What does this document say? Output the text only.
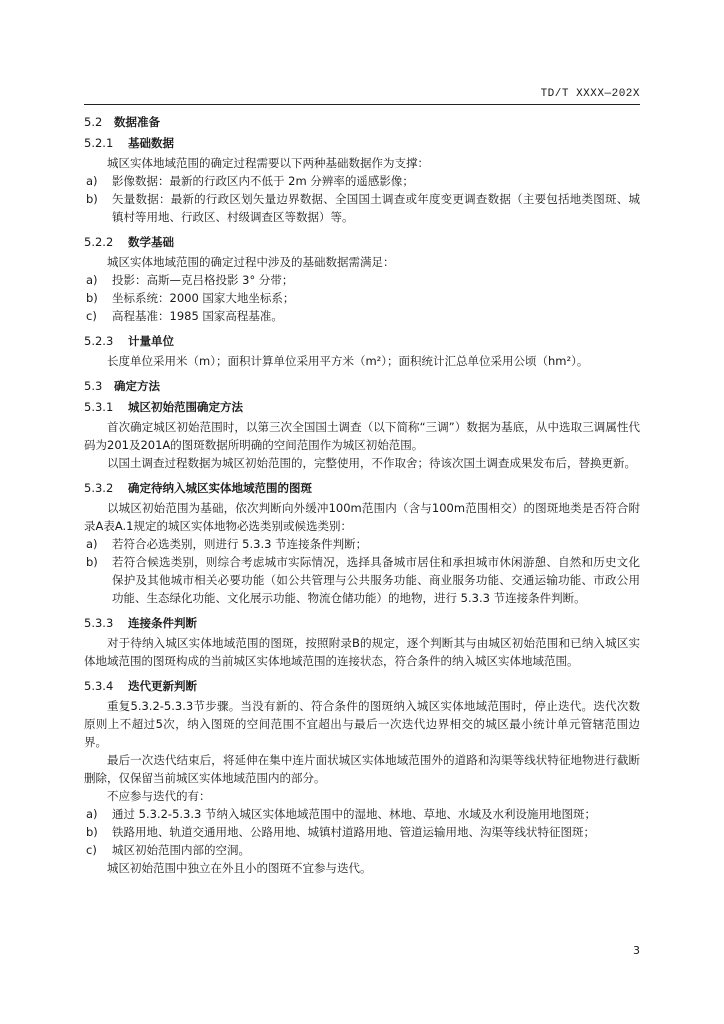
TD/T XXXX—202X
5.2 数据准备
5.2.1 基础数据

城区实体地域范围的确定过程需要以下两种基础数据作为支撑：

a)	影像数据：最新的行政区内不低于 2m 分辨率的遥感影像；
b)	矢量数据：最新的行政区划矢量边界数据、全国国土调查或年度变更调查数据（主要包括地类图斑、城镇村等用地、行政区、村级调查区等数据）等。
5.2.2 数学基础

城区实体地域范围的确定过程中涉及的基础数据需满足：

a)	投影：高斯—克吕格投影 3° 分带；
b)	坐标系统：2000 国家大地坐标系；
c)	高程基准：1985 国家高程基准。
5.2.3 计量单位

长度单位采用米（m）；面积计算单位采用平方米（m²）；面积统计汇总单位采用公顷（hm²）。

5.3 确定方法
5.3.1 城区初始范围确定方法

首次确定城区初始范围时，以第三次全国国土调查（以下简称“三调”）数据为基底，从中选取三调属性代码为201及201A的图斑数据所明确的空间范围作为城区初始范围。

以国土调查过程数据为城区初始范围的，完整使用，不作取舍；待该次国土调查成果发布后，替换更新。

5.3.2 确定待纳入城区实体地域范围的图斑

以城区初始范围为基础，依次判断向外缓冲100m范围内（含与100m范围相交）的图斑地类是否符合附录A表A.1规定的城区实体地物必选类别或候选类别：

a)	若符合必选类别，则进行 5.3.3 节连接条件判断；
b)	若符合候选类别，则综合考虑城市实际情况，选择具备城市居住和承担城市休闲游憩、自然和历史文化保护及其他城市相关必要功能（如公共管理与公共服务功能、商业服务功能、交通运输功能、市政公用功能、生态绿化功能、文化展示功能、物流仓储功能）的地物，进行 5.3.3 节连接条件判断。
5.3.3 连接条件判断

对于待纳入城区实体地域范围的图斑，按照附录B的规定，逐个判断其与由城区初始范围和已纳入城区实体地域范围的图斑构成的当前城区实体地域范围的连接状态，符合条件的纳入城区实体地域范围。

5.3.4 迭代更新判断

重复5.3.2-5.3.3节步骤。当没有新的、符合条件的图斑纳入城区实体地域范围时，停止迭代。迭代次数原则上不超过5次，纳入图斑的空间范围不宜超出与最后一次迭代边界相交的城区最小统计单元管辖范围边界。

最后一次迭代结束后，将延伸在集中连片面状城区实体地域范围外的道路和沟渠等线状特征地物进行截断删除，仅保留当前城区实体地域范围内的部分。

不应参与迭代的有：

a)	通过 5.3.2-5.3.3 节纳入城区实体地域范围中的湿地、林地、草地、水域及水利设施用地图斑；
b)	铁路用地、轨道交通用地、公路用地、城镇村道路用地、管道运输用地、沟渠等线状特征图斑；
c)	城区初始范围内部的空洞。

城区初始范围中独立在外且小的图斑不宜参与迭代。

3
